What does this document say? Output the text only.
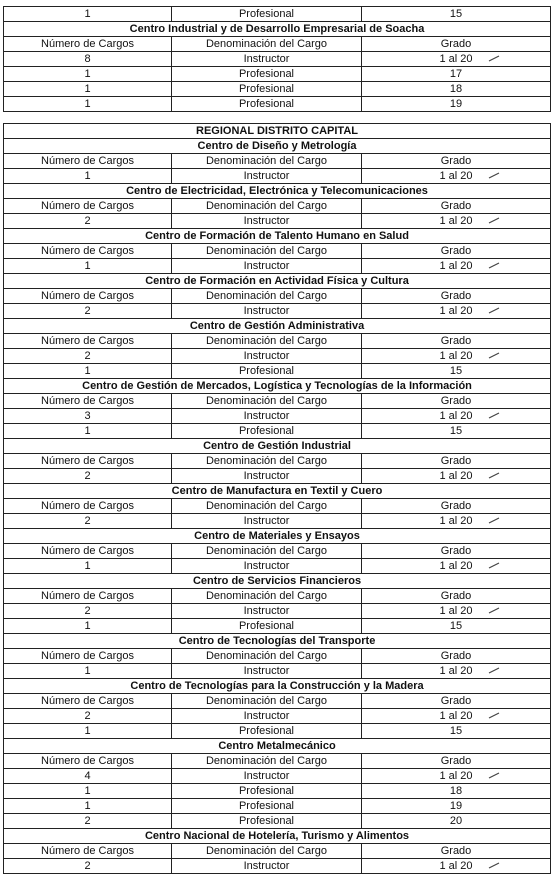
1	Profesional	15
Centro Industrial y de Desarrollo Empresarial de Soacha		
Número de Cargos	Denominación del Cargo	Grado
8	Instructor	1 al 20

1	Profesional	17
1	Profesional	18
1	Profesional	19
REGIONAL DISTRITO CAPITAL		
Centro de Diseño y Metrología		
Número de Cargos	Denominación del Cargo	Grado
1	Instructor	1 al 20

Centro de Electricidad, Electrónica y Telecomunicaciones		
Número de Cargos	Denominación del Cargo	Grado
2	Instructor	1 al 20

Centro de Formación de Talento Humano en Salud		
Número de Cargos	Denominación del Cargo	Grado
1	Instructor	1 al 20

Centro de Formación en Actividad Física y Cultura		
Número de Cargos	Denominación del Cargo	Grado
2	Instructor	1 al 20

Centro de Gestión Administrativa		
Número de Cargos	Denominación del Cargo	Grado
2	Instructor	1 al 20

1	Profesional	15
Centro de Gestión de Mercados, Logística y Tecnologías de la Información		
Número de Cargos	Denominación del Cargo	Grado
3	Instructor	1 al 20

1	Profesional	15
Centro de Gestión Industrial		
Número de Cargos	Denominación del Cargo	Grado
2	Instructor	1 al 20

Centro de Manufactura en Textil y Cuero		
Número de Cargos	Denominación del Cargo	Grado
2	Instructor	1 al 20

Centro de Materiales y Ensayos		
Número de Cargos	Denominación del Cargo	Grado
1	Instructor	1 al 20

Centro de Servicios Financieros		
Número de Cargos	Denominación del Cargo	Grado
2	Instructor	1 al 20

1	Profesional	15
Centro de Tecnologías del Transporte		
Número de Cargos	Denominación del Cargo	Grado
1	Instructor	1 al 20

Centro de Tecnologías para la Construcción y la Madera		
Número de Cargos	Denominación del Cargo	Grado
2	Instructor	1 al 20

1	Profesional	15
Centro Metalmecánico		
Número de Cargos	Denominación del Cargo	Grado
4	Instructor	1 al 20

1	Profesional	18
1	Profesional	19
2	Profesional	20
Centro Nacional de Hotelería, Turismo y Alimentos		
Número de Cargos	Denominación del Cargo	Grado
2	Instructor	1 al 20
